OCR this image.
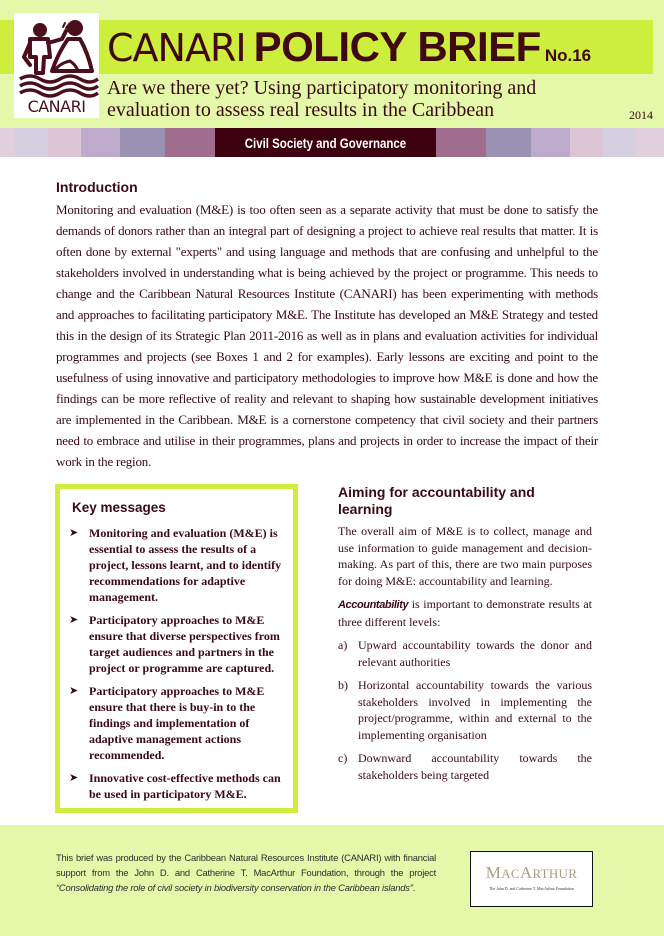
CANARI
CANARI POLICY BRIEF No.16
Are we there yet? Using participatory monitoring and evaluation to assess real results in the Caribbean	2014
Civil Society and Governance
Introduction

Monitoring and evaluation (M&E) is too often seen as a separate activity that must be done to satisfy the demands of donors rather than an integral part of designing a project to achieve real results that matter. It is often done by external "experts" and using language and methods that are confusing and unhelpful to the stakeholders involved in understanding what is being achieved by the project or programme. This needs to change and the Caribbean Natural Resources Institute (CANARI) has been experimenting with methods and approaches to facilitating participatory M&E. The Institute has developed an M&E Strategy and tested this in the design of its Strategic Plan 2011-2016 as well as in plans and evaluation activities for individual programmes and projects (see Boxes 1 and 2 for examples). Early lessons are exciting and point to the usefulness of using innovative and participatory methodologies to improve how M&E is done and how the findings can be more reflective of reality and relevant to shaping how sustainable development initiatives are implemented in the Caribbean. M&E is a cornerstone competency that civil society and their partners need to embrace and utilise in their programmes, plans and projects in order to increase the impact of their work in the region.

Key messages
➤ Monitoring and evaluation (M&E) is essential to assess the results of a project, lessons learnt, and to identify recommendations for adaptive management.
➤ Participatory approaches to M&E ensure that diverse perspectives from target audiences and partners in the project or programme are captured.
➤ Participatory approaches to M&E ensure that there is buy-in to the findings and implementation of adaptive management actions recommended.
➤ Innovative cost-effective methods can be used in participatory M&E.
Aiming for accountability and learning

The overall aim of M&E is to collect, manage and use information to guide management and decision-making. As part of this, there are two main purposes for doing M&E: accountability and learning.

Accountability is important to demonstrate results at three different levels:

a) Upward accountability towards the donor and relevant authorities
b) Horizontal accountability towards the various stakeholders involved in implementing the project/programme, within and external to the implementing organisation
c) Downward accountability towards the stakeholders being targeted
This brief was produced by the Caribbean Natural Resources Institute (CANARI) with financial support from the John D. and Catherine T. MacArthur Foundation, through the project “Consolidating the role of civil society in biodiversity conservation in the Caribbean islands”.
MACARTHUR
The John D. and Catherine T. MacArthur Foundation
